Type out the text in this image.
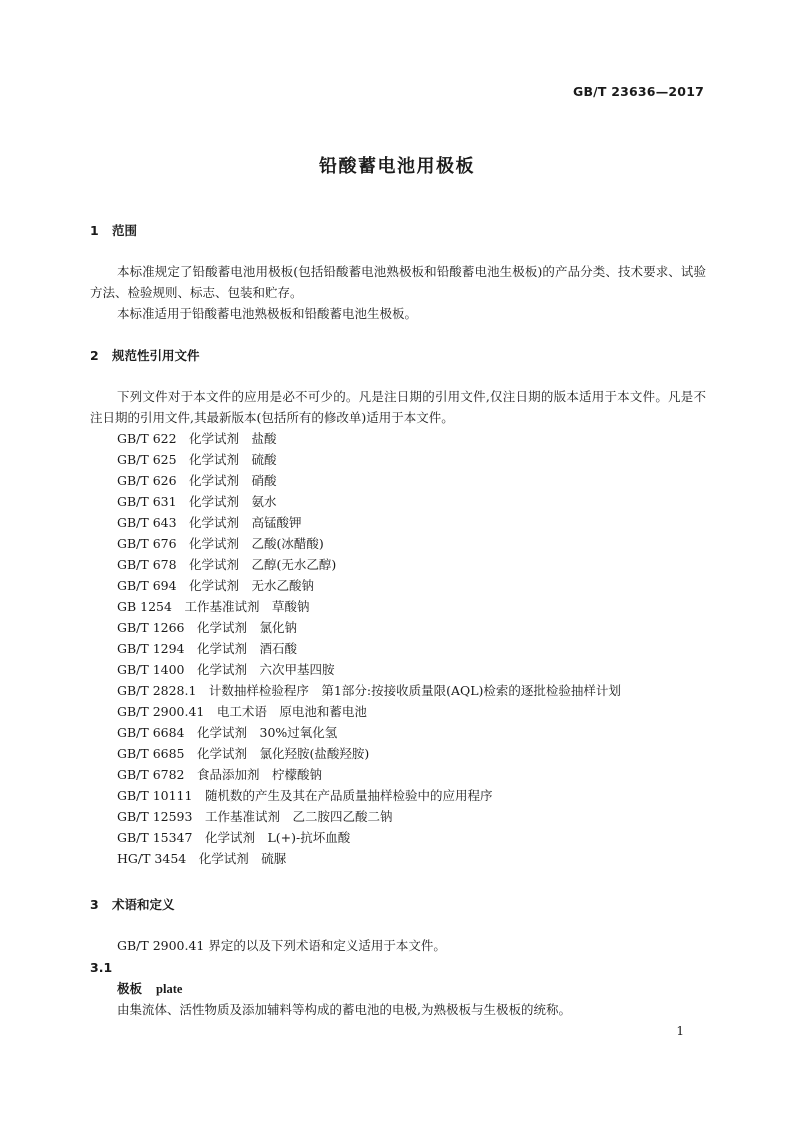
GB/T 23636—2017
铅酸蓄电池用极板
1 范围
本标准规定了铅酸蓄电池用极板(包括铅酸蓄电池熟极板和铅酸蓄电池生极板)的产品分类、技术要求、试验方法、检验规则、标志、包装和贮存。
本标准适用于铅酸蓄电池熟极板和铅酸蓄电池生极板。
2 规范性引用文件
下列文件对于本文件的应用是必不可少的。凡是注日期的引用文件,仅注日期的版本适用于本文件。凡是不注日期的引用文件,其最新版本(包括所有的修改单)适用于本文件。
GB/T 622　化学试剂　盐酸
GB/T 625　化学试剂　硫酸
GB/T 626　化学试剂　硝酸
GB/T 631　化学试剂　氨水
GB/T 643　化学试剂　高锰酸钾
GB/T 676　化学试剂　乙酸(冰醋酸)
GB/T 678　化学试剂　乙醇(无水乙醇)
GB/T 694　化学试剂　无水乙酸钠
GB 1254　工作基准试剂　草酸钠
GB/T 1266　化学试剂　氯化钠
GB/T 1294　化学试剂　酒石酸
GB/T 1400　化学试剂　六次甲基四胺
GB/T 2828.1　计数抽样检验程序　第1部分:按接收质量限(AQL)检索的逐批检验抽样计划
GB/T 2900.41　电工术语　原电池和蓄电池
GB/T 6684　化学试剂　30%过氧化氢
GB/T 6685　化学试剂　氯化羟胺(盐酸羟胺)
GB/T 6782　食品添加剂　柠檬酸钠
GB/T 10111　随机数的产生及其在产品质量抽样检验中的应用程序
GB/T 12593　工作基准试剂　乙二胺四乙酸二钠
GB/T 15347　化学试剂　L(+)-抗坏血酸
HG/T 3454　化学试剂　硫脲
3 术语和定义
GB/T 2900.41 界定的以及下列术语和定义适用于本文件。
3.1
极板 plate
由集流体、活性物质及添加辅料等构成的蓄电池的电极,为熟极板与生极板的统称。
1
